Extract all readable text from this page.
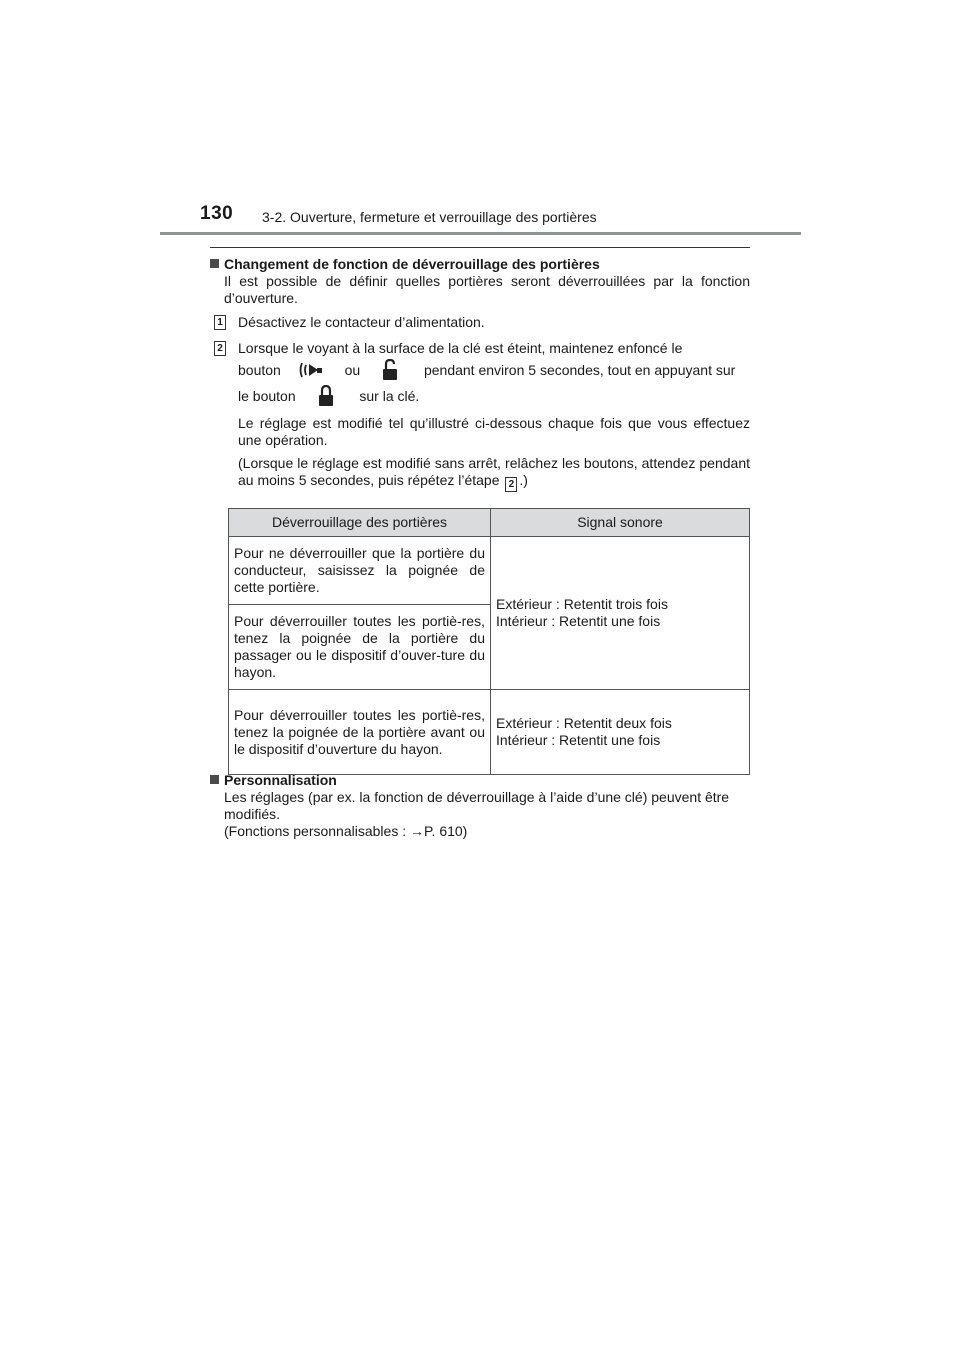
130 3-2. Ouverture, fermeture et verrouillage des portières
Changement de fonction de déverrouillage des portières
Il est possible de définir quelles portières seront déverrouillées par la fonction d’ouverture.
1 Désactivez le contacteur d’alimentation.
2 Lorsque le voyant à la surface de la clé est éteint, maintenez enfoncé le
bouton	ou	pendant environ 5 secondes, tout en appuyant sur
le bouton	sur la clé.
Le réglage est modifié tel qu’illustré ci-dessous chaque fois que vous effectuez une opération.
(Lorsque le réglage est modifié sans arrêt, relâchez les boutons, attendez pendant au moins 5 secondes, puis répétez l’étape 2 .)
Déverrouillage des portières	Signal sonore
Pour ne déverrouiller que la portière du conducteur, saisissez la poignée de cette portière.	Extérieur : Retentit trois fois
Intérieur : Retentit une fois

Pour déverrouiller toutes les portiè-res, tenez la poignée de la portière du passager ou le dispositif d’ouver-ture du hayon.	
Pour déverrouiller toutes les portiè-res, tenez la poignée de la portière avant ou le dispositif d’ouverture du hayon.	Extérieur : Retentit deux fois
Intérieur : Retentit une fois
Personnalisation
Les réglages (par ex. la fonction de déverrouillage à l’aide d’une clé) peuvent être modifiés.
(Fonctions personnalisables : →P. 610)
